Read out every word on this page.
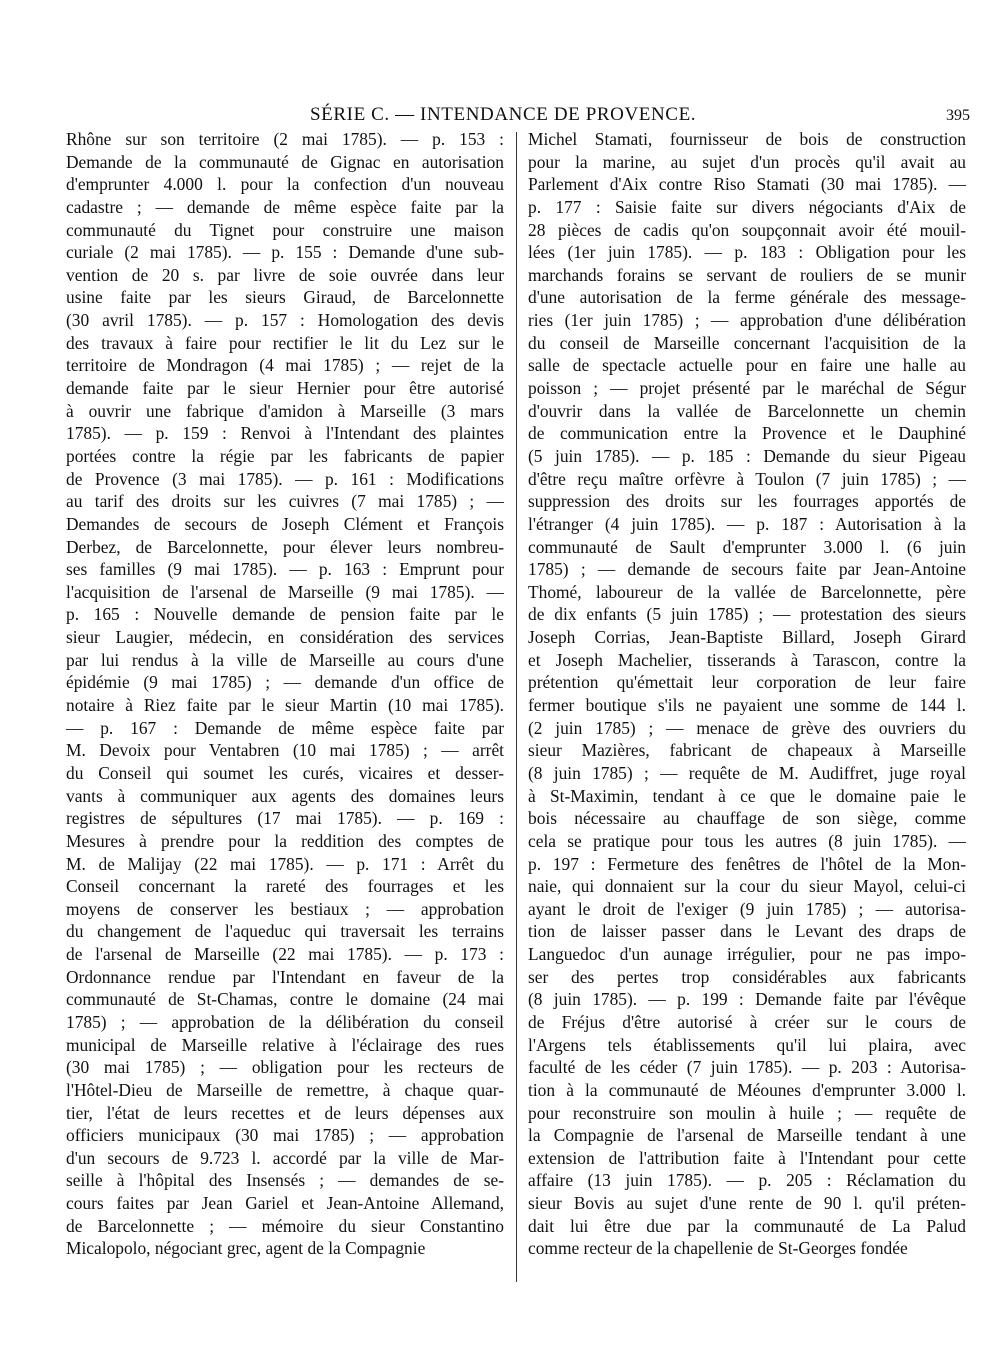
SÉRIE C. — INTENDANCE DE PROVENCE.	395
Rhône sur son territoire (2 mai 1785). — p. 153 :
Demande de la communauté de Gignac en autorisation
d'emprunter 4.000 l. pour la confection d'un nouveau
cadastre ; — demande de même espèce faite par la
communauté du Tignet pour construire une maison
curiale (2 mai 1785). — p. 155 : Demande d'une sub-
vention de 20 s. par livre de soie ouvrée dans leur
usine faite par les sieurs Giraud, de Barcelonnette
(30 avril 1785). — p. 157 : Homologation des devis
des travaux à faire pour rectifier le lit du Lez sur le
territoire de Mondragon (4 mai 1785) ; — rejet de la
demande faite par le sieur Hernier pour être autorisé
à ouvrir une fabrique d'amidon à Marseille (3 mars
1785). — p. 159 : Renvoi à l'Intendant des plaintes
portées contre la régie par les fabricants de papier
de Provence (3 mai 1785). — p. 161 : Modifications
au tarif des droits sur les cuivres (7 mai 1785) ; —
Demandes de secours de Joseph Clément et François
Derbez, de Barcelonnette, pour élever leurs nombreu-
ses familles (9 mai 1785). — p. 163 : Emprunt pour
l'acquisition de l'arsenal de Marseille (9 mai 1785). —
p. 165 : Nouvelle demande de pension faite par le
sieur Laugier, médecin, en considération des services
par lui rendus à la ville de Marseille au cours d'une
épidémie (9 mai 1785) ; — demande d'un office de
notaire à Riez faite par le sieur Martin (10 mai 1785).
— p. 167 : Demande de même espèce faite par
M. Devoix pour Ventabren (10 mai 1785) ; — arrêt
du Conseil qui soumet les curés, vicaires et desser-
vants à communiquer aux agents des domaines leurs
registres de sépultures (17 mai 1785). — p. 169 :
Mesures à prendre pour la reddition des comptes de
M. de Malijay (22 mai 1785). — p. 171 : Arrêt du
Conseil concernant la rareté des fourrages et les
moyens de conserver les bestiaux ; — approbation
du changement de l'aqueduc qui traversait les terrains
de l'arsenal de Marseille (22 mai 1785). — p. 173 :
Ordonnance rendue par l'Intendant en faveur de la
communauté de St-Chamas, contre le domaine (24 mai
1785) ; — approbation de la délibération du conseil
municipal de Marseille relative à l'éclairage des rues
(30 mai 1785) ; — obligation pour les recteurs de
l'Hôtel-Dieu de Marseille de remettre, à chaque quar-
tier, l'état de leurs recettes et de leurs dépenses aux
officiers municipaux (30 mai 1785) ; — approbation
d'un secours de 9.723 l. accordé par la ville de Mar-
seille à l'hôpital des Insensés ; — demandes de se-
cours faites par Jean Gariel et Jean-Antoine Allemand,
de Barcelonnette ; — mémoire du sieur Constantino
Micalopolo, négociant grec, agent de la Compagnie
Michel Stamati, fournisseur de bois de construction
pour la marine, au sujet d'un procès qu'il avait au
Parlement d'Aix contre Riso Stamati (30 mai 1785). —
p. 177 : Saisie faite sur divers négociants d'Aix de
28 pièces de cadis qu'on soupçonnait avoir été mouil-
lées (1er juin 1785). — p. 183 : Obligation pour les
marchands forains se servant de rouliers de se munir
d'une autorisation de la ferme générale des message-
ries (1er juin 1785) ; — approbation d'une délibération
du conseil de Marseille concernant l'acquisition de la
salle de spectacle actuelle pour en faire une halle au
poisson ; — projet présenté par le maréchal de Ségur
d'ouvrir dans la vallée de Barcelonnette un chemin
de communication entre la Provence et le Dauphiné
(5 juin 1785). — p. 185 : Demande du sieur Pigeau
d'être reçu maître orfèvre à Toulon (7 juin 1785) ; —
suppression des droits sur les fourrages apportés de
l'étranger (4 juin 1785). — p. 187 : Autorisation à la
communauté de Sault d'emprunter 3.000 l. (6 juin
1785) ; — demande de secours faite par Jean-Antoine
Thomé, laboureur de la vallée de Barcelonnette, père
de dix enfants (5 juin 1785) ; — protestation des sieurs
Joseph Corrias, Jean-Baptiste Billard, Joseph Girard
et Joseph Machelier, tisserands à Tarascon, contre la
prétention qu'émettait leur corporation de leur faire
fermer boutique s'ils ne payaient une somme de 144 l.
(2 juin 1785) ; — menace de grève des ouvriers du
sieur Mazières, fabricant de chapeaux à Marseille
(8 juin 1785) ; — requête de M. Audiffret, juge royal
à St-Maximin, tendant à ce que le domaine paie le
bois nécessaire au chauffage de son siège, comme
cela se pratique pour tous les autres (8 juin 1785). —
p. 197 : Fermeture des fenêtres de l'hôtel de la Mon-
naie, qui donnaient sur la cour du sieur Mayol, celui-ci
ayant le droit de l'exiger (9 juin 1785) ; — autorisa-
tion de laisser passer dans le Levant des draps de
Languedoc d'un aunage irrégulier, pour ne pas impo-
ser des pertes trop considérables aux fabricants
(8 juin 1785). — p. 199 : Demande faite par l'évêque
de Fréjus d'être autorisé à créer sur le cours de
l'Argens tels établissements qu'il lui plaira, avec
faculté de les céder (7 juin 1785). — p. 203 : Autorisa-
tion à la communauté de Méounes d'emprunter 3.000 l.
pour reconstruire son moulin à huile ; — requête de
la Compagnie de l'arsenal de Marseille tendant à une
extension de l'attribution faite à l'Intendant pour cette
affaire (13 juin 1785). — p. 205 : Réclamation du
sieur Bovis au sujet d'une rente de 90 l. qu'il préten-
dait lui être due par la communauté de La Palud
comme recteur de la chapellenie de St-Georges fondée
